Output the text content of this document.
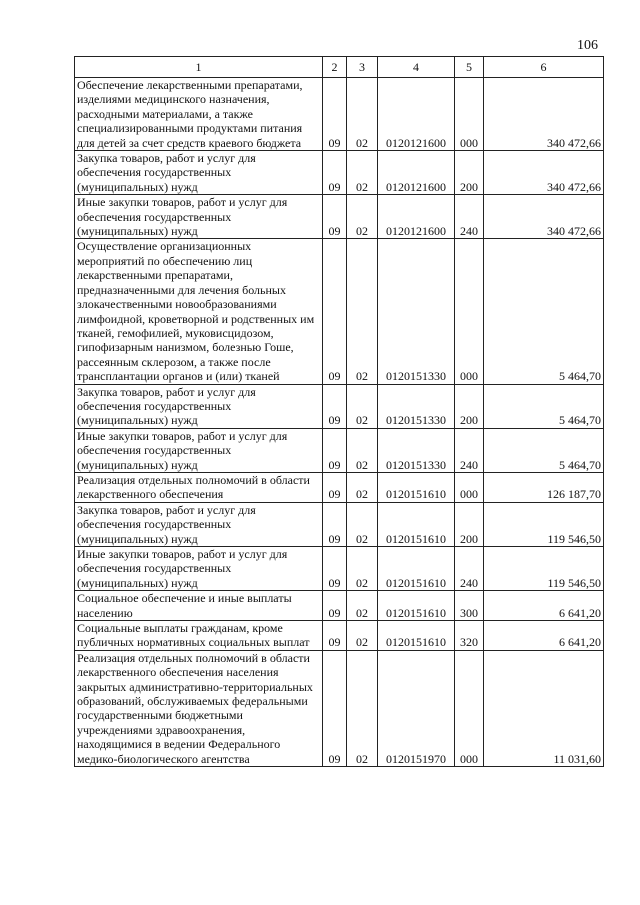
106
1	2	3	4	5	6
Обеспечение лекарственными препаратами, изделиями медицинского назначения, расходными материалами, а также специализированными продуктами питания для детей за счет средств краевого бюджета	09	02	0120121600	000	340 472,66
Закупка товаров, работ и услуг для обеспечения государственных (муниципальных) нужд	09	02	0120121600	200	340 472,66
Иные закупки товаров, работ и услуг для обеспечения государственных (муниципальных) нужд	09	02	0120121600	240	340 472,66
Осуществление организационных мероприятий по обеспечению лиц лекарственными препаратами, предназначенными для лечения больных злокачественными новообразованиями лимфоидной, кроветворной и родственных им тканей, гемофилией, муковисцидозом, гипофизарным нанизмом, болезнью Гоше, рассеянным склерозом, а также после трансплантации органов и (или) тканей	09	02	0120151330	000	5 464,70
Закупка товаров, работ и услуг для обеспечения государственных (муниципальных) нужд	09	02	0120151330	200	5 464,70
Иные закупки товаров, работ и услуг для обеспечения государственных (муниципальных) нужд	09	02	0120151330	240	5 464,70
Реализация отдельных полномочий в области лекарственного обеспечения	09	02	0120151610	000	126 187,70
Закупка товаров, работ и услуг для обеспечения государственных (муниципальных) нужд	09	02	0120151610	200	119 546,50
Иные закупки товаров, работ и услуг для обеспечения государственных (муниципальных) нужд	09	02	0120151610	240	119 546,50
Социальное обеспечение и иные выплаты населению	09	02	0120151610	300	6 641,20
Социальные выплаты гражданам, кроме публичных нормативных социальных выплат	09	02	0120151610	320	6 641,20
Реализация отдельных полномочий в области лекарственного обеспечения населения закрытых административно-территориальных образований, обслуживаемых федеральными государственными бюджетными учреждениями здравоохранения, находящимися в ведении Федерального медико-биологического агентства	09	02	0120151970	000	11 031,60
